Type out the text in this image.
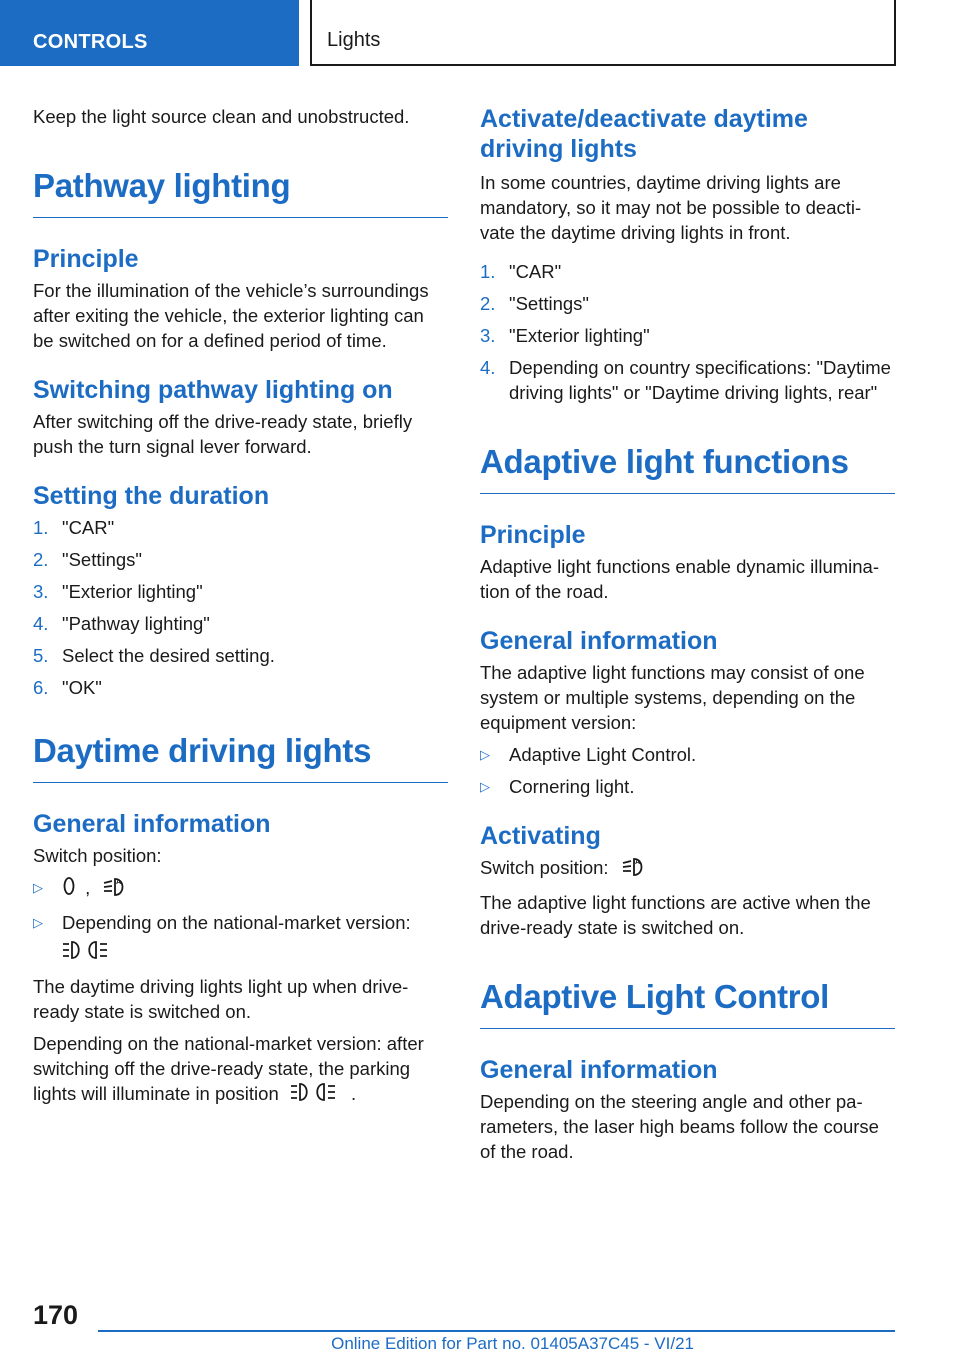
CONTROLS	Lights

Keep the light source clean and unobstructed.

Pathway lighting
Principle

For the illumination of the vehicle’s surroundings after exiting the vehicle, the exterior lighting can be switched on for a defined period of time.

Switching pathway lighting on

After switching off the drive-ready state, briefly push the turn signal lever forward.

Setting the duration
1. "CAR"
2. "Settings"
3. "Exterior lighting"
4. "Pathway lighting"
5. Select the desired setting.
6. "OK"
Daytime driving lights
General information

Switch position:

▷ ,	A
▷ Depending on the national-market version:

The daytime driving lights light up when drive-ready state is switched on.

Depending on the national-market version: after switching off the drive-ready state, the parking lights will illuminate in position	.

Activate/deactivate daytime driving lights

In some countries, daytime driving lights are mandatory, so it may not be possible to deacti-vate the daytime driving lights in front.

1. "CAR"
2. "Settings"
3. "Exterior lighting"
4. Depending on country specifications: "Daytime driving lights" or "Daytime driving lights, rear"
Adaptive light functions
Principle

Adaptive light functions enable dynamic illumina-tion of the road.

General information

The adaptive light functions may consist of one system or multiple systems, depending on the equipment version:

▷ Adaptive Light Control.
▷ Cornering light.
Activating

Switch position:	A

The adaptive light functions are active when the drive-ready state is switched on.

Adaptive Light Control
General information

Depending on the steering angle and other pa-rameters, the laser high beams follow the course of the road.

170
Online Edition for Part no. 01405A37C45 - VI/21
